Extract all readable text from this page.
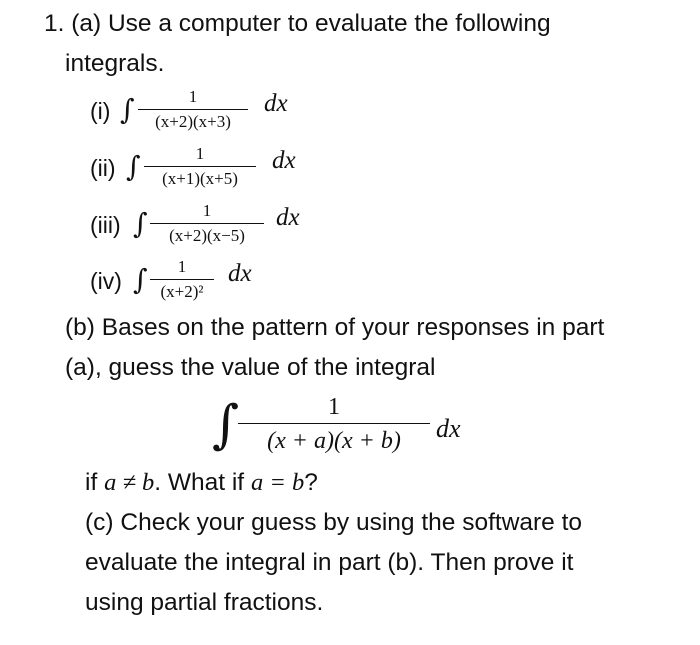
1. (a) Use a computer to evaluate the following
integrals.
(i) ∫	1
(x+2)(x+3)
dx
(ii) ∫	1
(x+1)(x+5)
dx
(iii) ∫	1
(x+2)(x−5)
dx
(iv) ∫	1
(x+2)²
dx
(b) Bases on the pattern of your responses in part
(a), guess the value of the integral
∫	1
(x + a)(x + b)	dx
if a ≠ b. What if a = b?
(c) Check your guess by using the software to
evaluate the integral in part (b). Then prove it
using partial fractions.
